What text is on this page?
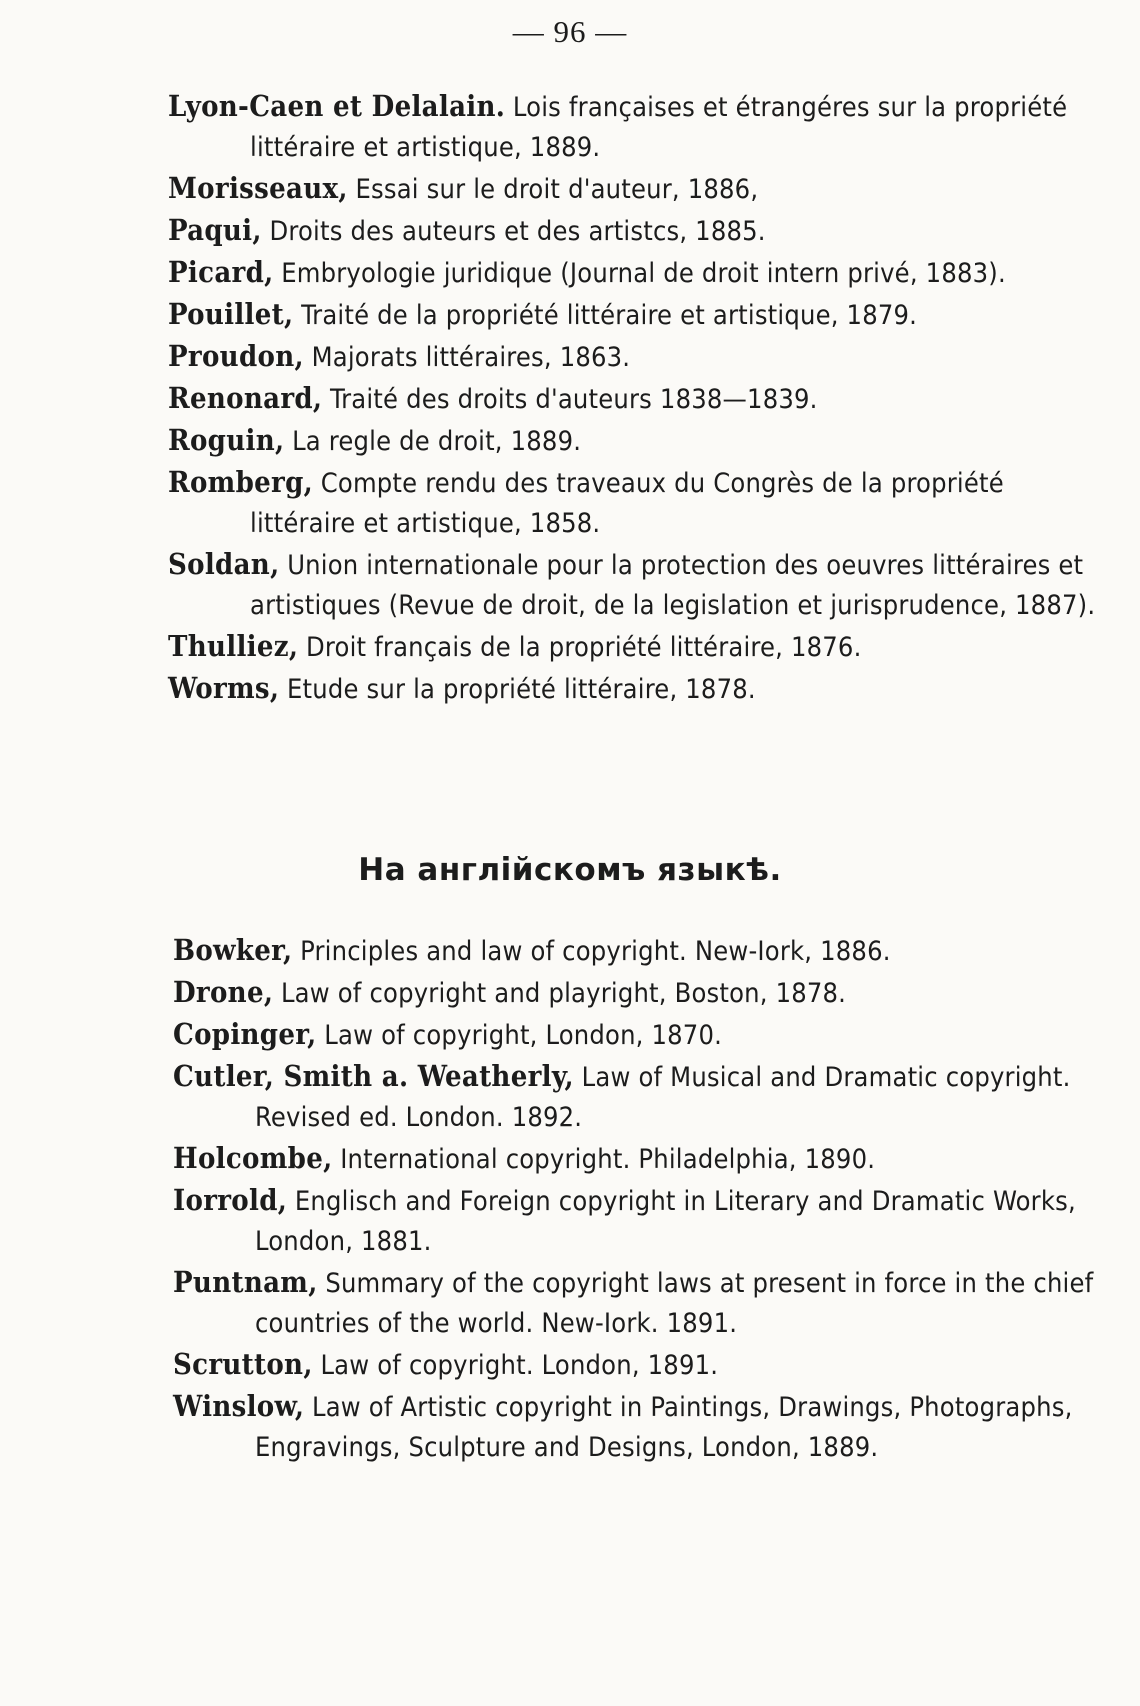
— 96 —
Lyon-Caen et Delalain. Lois françaises et étrangéres sur la propriété littéraire et artistique, 1889.
Morisseaux, Essai sur le droit d'auteur, 1886,
Paqui, Droits des auteurs et des artistcs, 1885.
Picard, Embryologie juridique (Journal de droit intern privé, 1883).
Pouillet, Traité de la propriété littéraire et artistique, 1879.
Proudon, Majorats littéraires, 1863.
Renonard, Traité des droits d'auteurs 1838—1839.
Roguin, La regle de droit, 1889.
Romberg, Compte rendu des traveaux du Congrès de la propriété littéraire et artistique, 1858.
Soldan, Union internationale pour la protection des oeuvres littéraires et artistiques (Revue de droit, de la legislation et jurisprudence, 1887).
Thulliez, Droit français de la propriété littéraire, 1876.
Worms, Etude sur la propriété littéraire, 1878.
На англійскомъ языкѣ.
Bowker, Principles and law of copyright. New-Iork, 1886.
Drone, Law of copyright and playright, Boston, 1878.
Copinger, Law of copyright, London, 1870.
Cutler, Smith a. Weatherly, Law of Musical and Dramatic copyright. Revised ed. London. 1892.
Holcombe, International copyright. Philadelphia, 1890.
Iorrold, Englisch and Foreign copyright in Literary and Dramatic Works, London, 1881.
Puntnam, Summary of the copyright laws at present in force in the chief countries of the world. New-Iork. 1891.
Scrutton, Law of copyright. London, 1891.
Winslow, Law of Artistic copyright in Paintings, Drawings, Photographs, Engravings, Sculpture and Designs, London, 1889.
